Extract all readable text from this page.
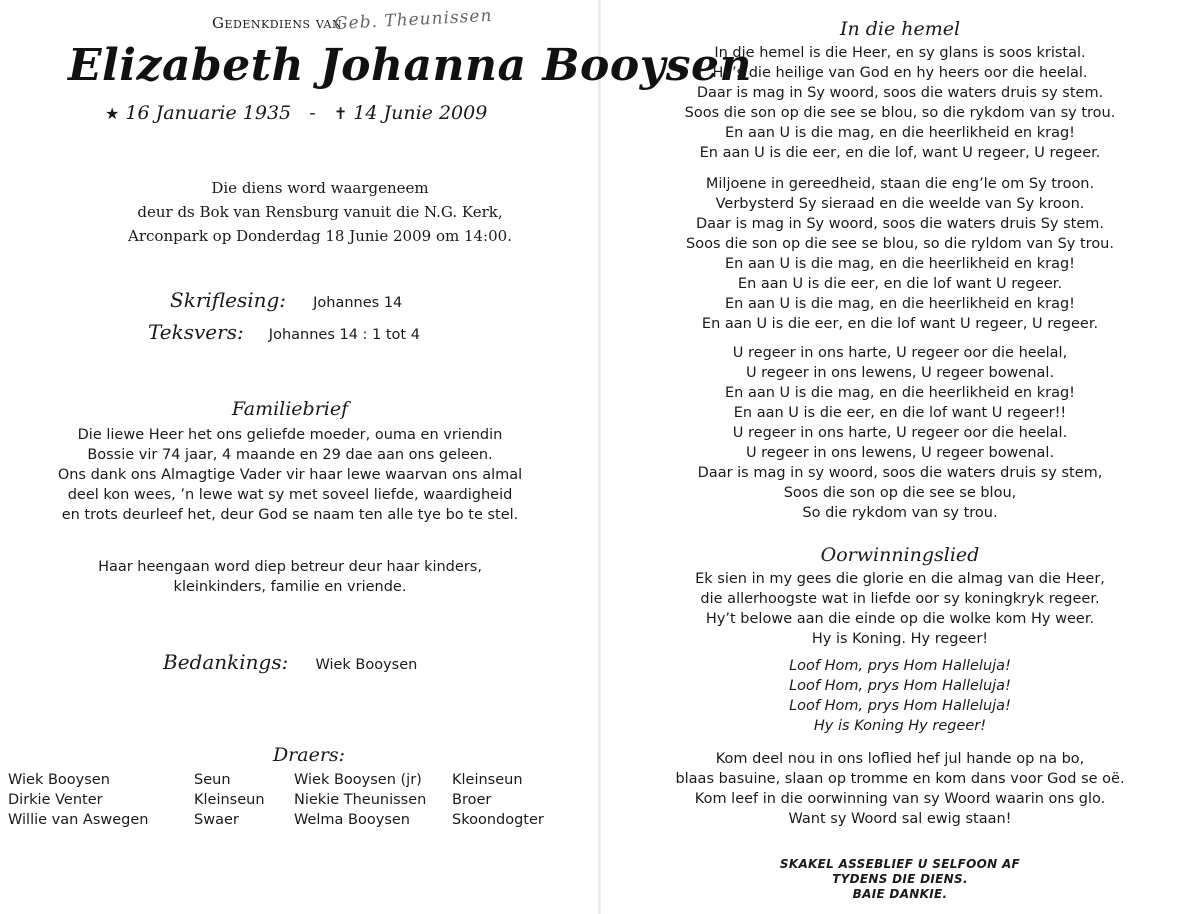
Gedenkdiens van
Geb. Theunissen
Elizabeth Johanna Booysen
★ 16 Januarie 1935 - ✝ 14 Junie 2009
Die diens word waargeneem
deur ds Bok van Rensburg vanuit die N.G. Kerk,
Arconpark op Donderdag 18 Junie 2009 om 14:00.
Skriflesing: Johannes 14
Teksvers: Johannes 14 : 1 tot 4
Familiebrief
Die liewe Heer het ons geliefde moeder, ouma en vriendin
Bossie vir 74 jaar, 4 maande en 29 dae aan ons geleen.
Ons dank ons Almagtige Vader vir haar lewe waarvan ons almal
deel kon wees, ’n lewe wat sy met soveel liefde, waardigheid
en trots deurleef het, deur God se naam ten alle tye bo te stel.
Haar heengaan word diep betreur deur haar kinders,
kleinkinders, familie en vriende.
Bedankings: Wiek Booysen
Draers:
Wiek Booysen	Seun	Wiek Booysen (jr)	Kleinseun
Dirkie Venter	Kleinseun	Niekie Theunissen	Broer
Willie van Aswegen	Swaer	Welma Booysen	Skoondogter
In die hemel
In die hemel is die Heer, en sy glans is soos kristal.
Hy’s die heilige van God en hy heers oor die heelal.
Daar is mag in Sy woord, soos die waters druis sy stem.
Soos die son op die see se blou, so die rykdom van sy trou.
En aan U is die mag, en die heerlikheid en krag!
En aan U is die eer, en die lof, want U regeer, U regeer.
Miljoene in gereedheid, staan die eng’le om Sy troon.
Verbysterd Sy sieraad en die weelde van Sy kroon.
Daar is mag in Sy woord, soos die waters druis Sy stem.
Soos die son op die see se blou, so die ryldom van Sy trou.
En aan U is die mag, en die heerlikheid en krag!
En aan U is die eer, en die lof want U regeer.
En aan U is die mag, en die heerlikheid en krag!
En aan U is die eer, en die lof want U regeer, U regeer.
U regeer in ons harte, U regeer oor die heelal,
U regeer in ons lewens, U regeer bowenal.
En aan U is die mag, en die heerlikheid en krag!
En aan U is die eer, en die lof want U regeer!!
U regeer in ons harte, U regeer oor die heelal.
U regeer in ons lewens, U regeer bowenal.
Daar is mag in sy woord, soos die waters druis sy stem,
Soos die son op die see se blou,
So die rykdom van sy trou.
Oorwinningslied
Ek sien in my gees die glorie en die almag van die Heer,
die allerhoogste wat in liefde oor sy koningkryk regeer.
Hy’t belowe aan die einde op die wolke kom Hy weer.
Hy is Koning. Hy regeer!
Loof Hom, prys Hom Halleluja!
Loof Hom, prys Hom Halleluja!
Loof Hom, prys Hom Halleluja!
Hy is Koning Hy regeer!
Kom deel nou in ons loflied hef jul hande op na bo,
blaas basuine, slaan op tromme en kom dans voor God se oë.
Kom leef in die oorwinning van sy Woord waarin ons glo.
Want sy Woord sal ewig staan!
SKAKEL ASSEBLIEF U SELFOON AF
TYDENS DIE DIENS.
BAIE DANKIE.
